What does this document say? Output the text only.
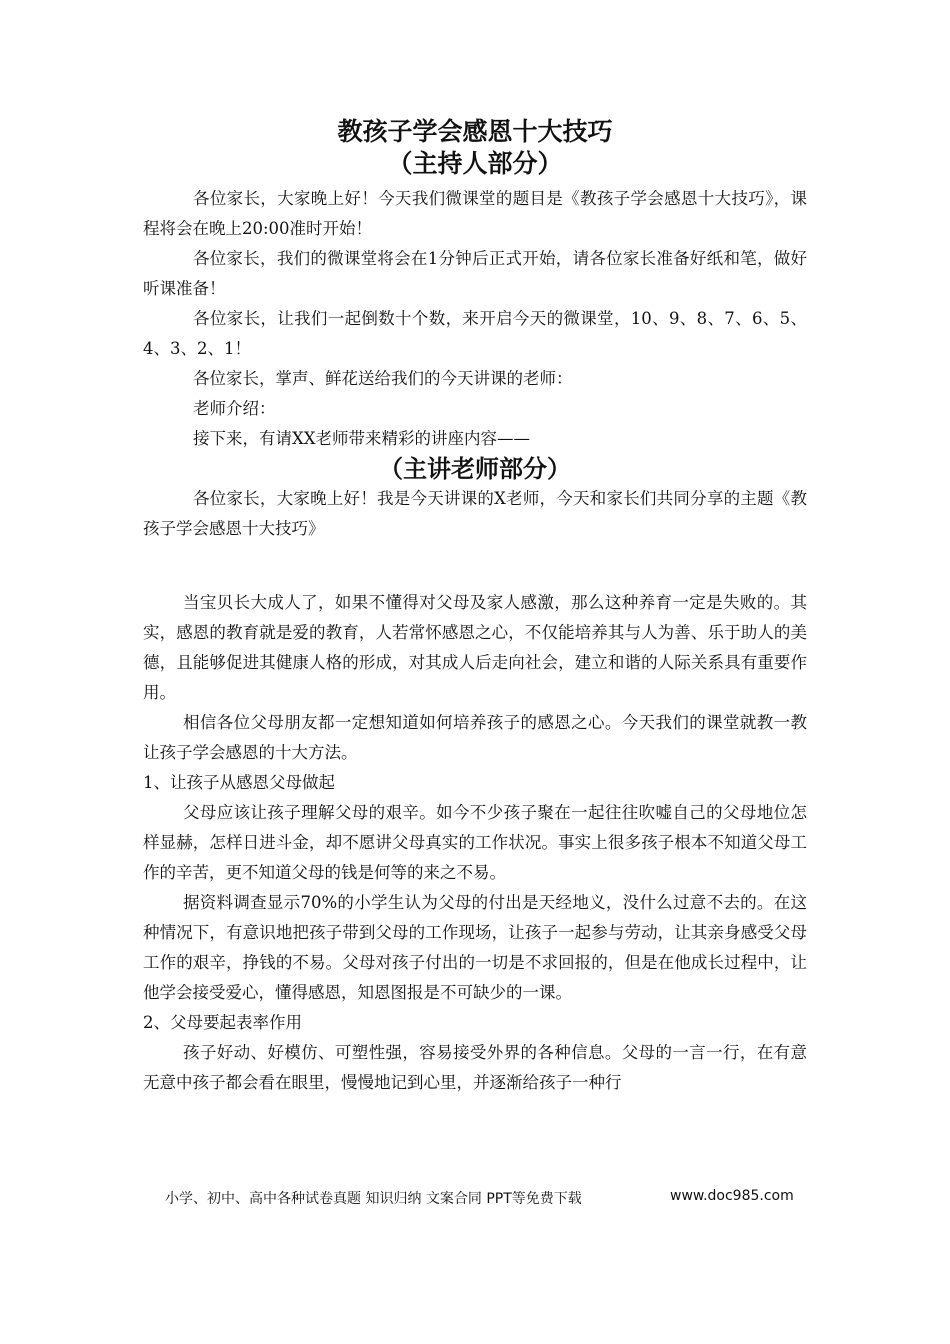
教孩子学会感恩十大技巧
（主持人部分）

各位家长，大家晚上好！今天我们微课堂的题目是《教孩子学会感恩十大技巧》，课程将会在晚上20:00准时开始！

各位家长，我们的微课堂将会在1分钟后正式开始，请各位家长准备好纸和笔，做好听课准备！

各位家长，让我们一起倒数十个数，来开启今天的微课堂，10、9、8、7、6、5、4、3、2、1！

各位家长，掌声、鲜花送给我们的今天讲课的老师：

老师介绍：

接下来，有请XX老师带来精彩的讲座内容——

（主讲老师部分）

各位家长，大家晚上好！我是今天讲课的X老师，今天和家长们共同分享的主题《教孩子学会感恩十大技巧》

当宝贝长大成人了，如果不懂得对父母及家人感激，那么这种养育一定是失败的。其实，感恩的教育就是爱的教育，人若常怀感恩之心，不仅能培养其与人为善、乐于助人的美德，且能够促进其健康人格的形成，对其成人后走向社会，建立和谐的人际关系具有重要作用。

相信各位父母朋友都一定想知道如何培养孩子的感恩之心。今天我们的课堂就教一教让孩子学会感恩的十大方法。

1、让孩子从感恩父母做起

父母应该让孩子理解父母的艰辛。如今不少孩子聚在一起往往吹嘘自己的父母地位怎样显赫，怎样日进斗金，却不愿讲父母真实的工作状况。事实上很多孩子根本不知道父母工作的辛苦，更不知道父母的钱是何等的来之不易。

据资料调查显示70%的小学生认为父母的付出是天经地义，没什么过意不去的。在这种情况下，有意识地把孩子带到父母的工作现场，让孩子一起参与劳动，让其亲身感受父母工作的艰辛，挣钱的不易。父母对孩子付出的一切是不求回报的，但是在他成长过程中，让他学会接受爱心，懂得感恩，知恩图报是不可缺少的一课。

2、父母要起表率作用

孩子好动、好模仿、可塑性强，容易接受外界的各种信息。父母的一言一行，在有意无意中孩子都会看在眼里，慢慢地记到心里，并逐渐给孩子一种行

小学、初中、高中各种试卷真题 知识归纳 文案合同 PPT等免费下载	www.doc985.com
